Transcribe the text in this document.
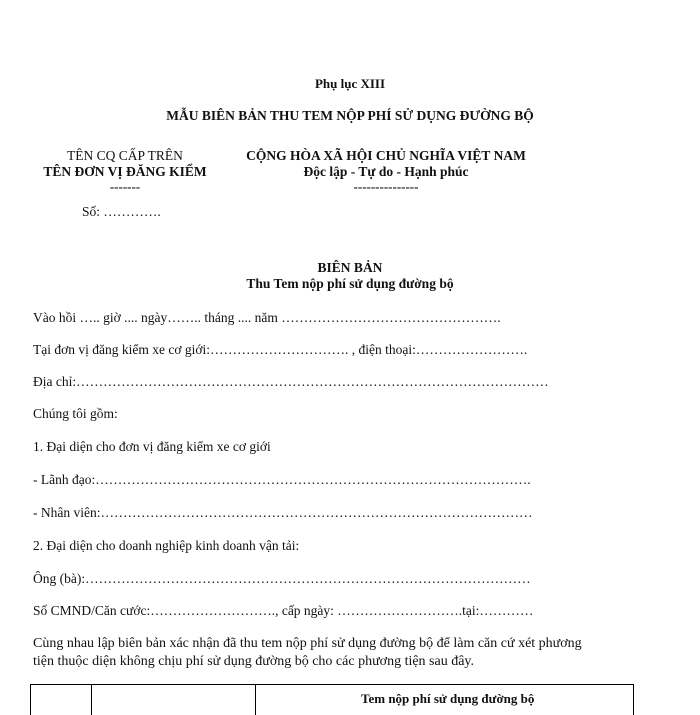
Phụ lục XIII
MẪU BIÊN BẢN THU TEM NỘP PHÍ SỬ DỤNG ĐƯỜNG BỘ
TÊN CQ CẤP TRÊN
TÊN ĐƠN VỊ ĐĂNG KIỂM
-------
Số: ………….
CỘNG HÒA XÃ HỘI CHỦ NGHĨA VIỆT NAM
Độc lập - Tự do - Hạnh phúc
---------------
BIÊN BẢN
Thu Tem nộp phí sử dụng đường bộ
Vào hồi ….. giờ .... ngày…….. tháng .... năm ………………………………………….
Tại đơn vị đăng kiểm xe cơ giới:…………………………. , điện thoại:…………………….
Địa chỉ:……………………………………………………………………………………………
Chúng tôi gồm:
1. Đại diện cho đơn vị đăng kiểm xe cơ giới
- Lãnh đạo:…………………………………………………………………………………….
- Nhân viên:……………………………………………………………………………………
2. Đại diện cho doanh nghiệp kinh doanh vận tải:
Ông (bà):………………………………………………………………………………………
Số CMND/Căn cước:………………………., cấp ngày: ……………………….tại:…………
Cùng nhau lập biên bản xác nhận đã thu tem nộp phí sử dụng đường bộ để làm căn cứ xét phương
tiện thuộc diện không chịu phí sử dụng đường bộ cho các phương tiện sau đây.
Tem nộp phí sử dụng đường bộ
